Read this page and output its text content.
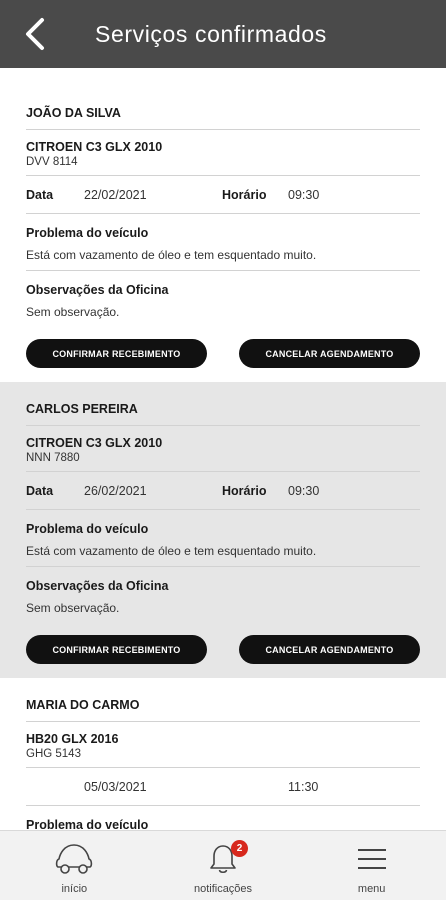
Serviços confirmados
JOÃO DA SILVA
CITROEN C3 GLX 2010
DVV 8114
Data	22/02/2021	Horário	09:30
Problema do veículo
Está com vazamento de óleo e tem esquentado muito.
Observações da Oficina
Sem observação.
CONFIRMAR RECEBIMENTO	CANCELAR AGENDAMENTO
CARLOS PEREIRA
CITROEN C3 GLX 2010
NNN 7880
Data	26/02/2021	Horário	09:30
Problema do veículo
Está com vazamento de óleo e tem esquentado muito.
Observações da Oficina
Sem observação.
CONFIRMAR RECEBIMENTO	CANCELAR AGENDAMENTO
MARIA DO CARMO
HB20 GLX 2016
GHG 5143
05/03/2021	11:30
Problema do veículo
início
2
notificações	menu
